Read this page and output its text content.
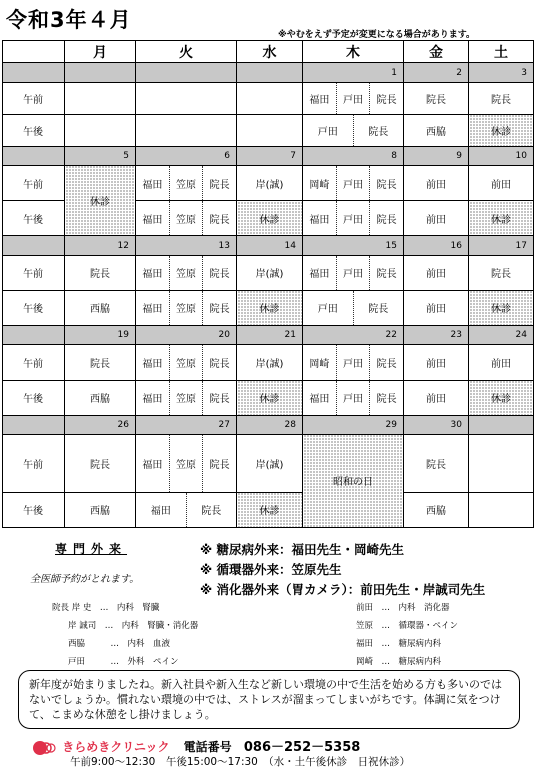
令和3年４月
※やむをえず予定が変更になる場合があります。
	月	火	水	木	金	土
				1	2	3
午前				福田 戸田 院長	院長	院長
午後				戸田 院長	西脇	休診
	5	6	7	8	9	10
午前	休診	福田 笠原 院長	岸(誠)	岡崎 戸田 院長	前田	前田
午後		福田 笠原 院長	休診	福田 戸田 院長	前田	休診
	12	13	14	15	16	17
午前	院長	福田 笠原 院長	岸(誠)	福田 戸田 院長	前田	院長
午後	西脇	福田 笠原 院長	休診	戸田 院長	前田	休診
	19	20	21	22	23	24
午前	院長	福田 笠原 院長	岸(誠)	岡崎 戸田 院長	前田	前田
午後	西脇	福田 笠原 院長	休診	福田 戸田 院長	前田	休診
	26	27	28	29	30	
午前	院長	福田 笠原 院長	岸(誠)	昭和の日	院長	
午後	西脇	福田 院長	休診		西脇	
専門外来
全医師予約がとれます。
※ 糖尿病外来：福田先生・岡崎先生
※ 循環器外来：笠原先生
※ 消化器外来（胃カメラ）：前田先生・岸誠司先生
院長 岸 史　…　内科　腎臓
岸 誠司　…　内科　腎臓・消化器
西脇　　　…　内科　血液
戸田　　　…　外科　ペイン
前田　…　内科　消化器
笠原　…　循環器・ペイン
福田　…　糖尿病内科
岡崎　…　糖尿病内科
新年度が始まりましたね。新入社員や新入生など新しい環境の中で生活を始める方も多いのではないでしょうか。慣れない環境の中では、ストレスが溜まってしまいがちです。体調に気をつけて、こまめな休憩をし掛けましょう。
きらめきクリニック 電話番号 086－252－5358
午前9:00～12:30　午後15:00～17:30　（水・土午後休診　日祝休診）
